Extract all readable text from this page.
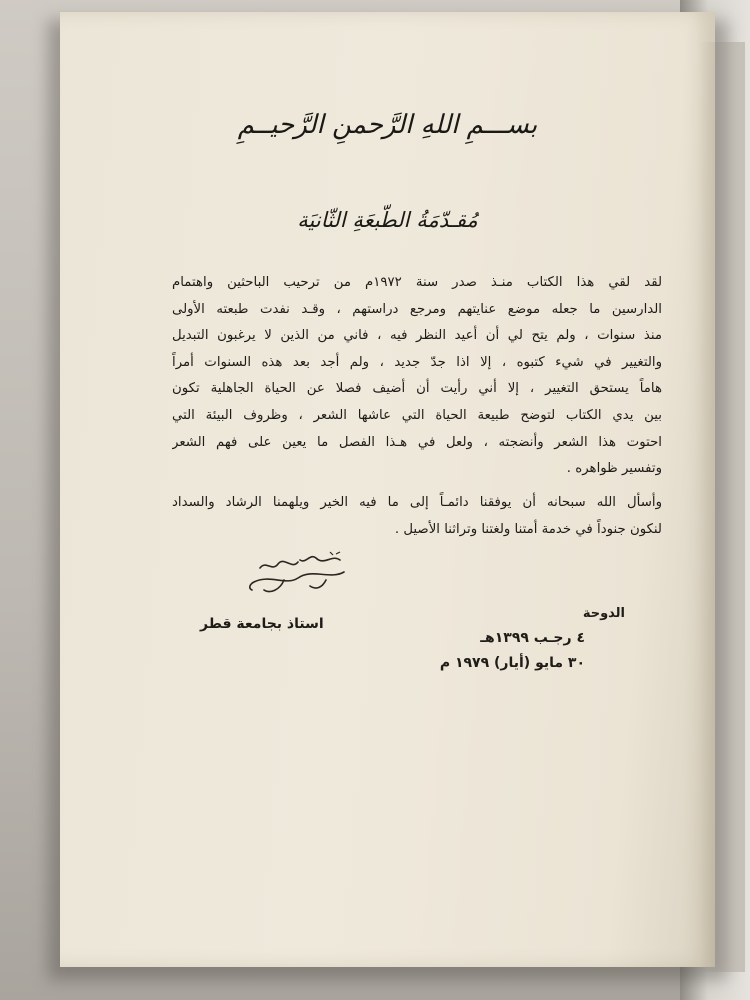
بســـمِ اللهِ الرَّحمنِ الرَّحيــمِ
مُقـدّمَةُ الطّبعَةِ الثّانيَة
لقد لقي هذا الكتاب منـذ صدر سنة ١٩٧٢م من ترحيب الباحثين واهتمام
الدارسين ما جعله موضع عنايتهم ومرجع دراستهم ، وقـد نفدت طبعته الأولى
منذ سنوات ، ولم يتح لي أن أعيد النظر فيه ، فاني من الذين لا يرغبون التبديل
والتغيير في شيء كتبوه ، إلا اذا جدّ جديد ، ولم أجد بعد هذه السنوات أمراً
هاماً يستحق التغيير ، إلا أني رأيت أن أضيف فصلا عن الحياة الجاهلية تكون
بين يدي الكتاب لتوضح طبيعة الحياة التي عاشها الشعر ، وظروف البيئة التي
احتوت هذا الشعر وأنضجته ، ولعل في هـذا الفصل ما يعين على فهم الشعر
وتفسير ظواهره .
وأسأل الله سبحانه أن يوفقنا دائمـاً إلى ما فيه الخير ويلهمنا الرشاد والسداد
لنكون جنوداً في خدمة أمتنا ولغتنا وتراثنا الأصيل .
الدوحة
٤ رجـب ١٣٩٩هـ
٣٠ مايو (أيار) ١٩٧٩ م
استاذ بجامعة قطر
